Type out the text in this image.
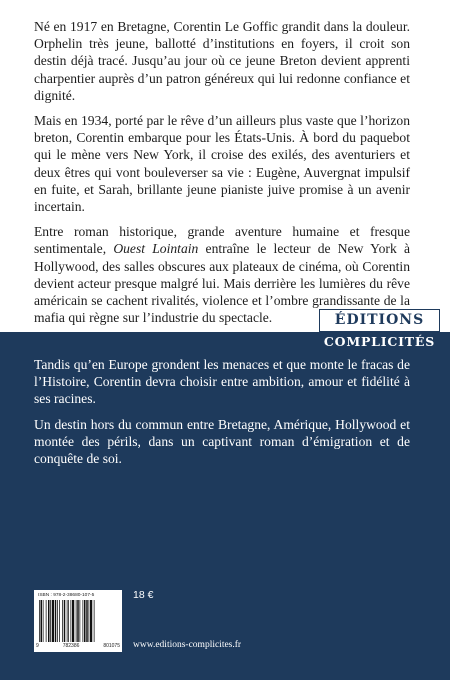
Né en 1917 en Bretagne, Corentin Le Goffic grandit dans la douleur. Orphelin très jeune, ballotté d’institutions en foyers, il croit son destin déjà tracé. Jusqu’au jour où ce jeune Breton devient apprenti charpentier auprès d’un patron généreux qui lui redonne confiance et dignité.

Mais en 1934, porté par le rêve d’un ailleurs plus vaste que l’horizon breton, Corentin embarque pour les États-Unis. À bord du paquebot qui le mène vers New York, il croise des exilés, des aventuriers et deux êtres qui vont bouleverser sa vie : Eugène, Auvergnat impulsif en fuite, et Sarah, brillante jeune pianiste juive promise à un avenir incertain.

Entre roman historique, grande aventure humaine et fresque sentimentale, Ouest Lointain entraîne le lecteur de New York à Hollywood, des salles obscures aux plateaux de cinéma, où Corentin devient acteur presque malgré lui. Mais derrière les lumières du rêve américain se cachent rivalités, violence et l’ombre grandissante de la mafia qui règne sur l’industrie du spectacle.	ÉDITIONS
COMPLICITÉS

Tandis qu’en Europe grondent les menaces et que monte le fracas de l’Histoire, Corentin devra choisir entre ambition, amour et fidélité à ses racines.

Un destin hors du commun entre Bretagne, Amérique, Hollywood et montée des périls, dans un captivant roman d’émigration et de conquête de soi.

ISBN : 978-2-38680-107-5
9	782386	801075
18 €
www.editions-complicites.fr
